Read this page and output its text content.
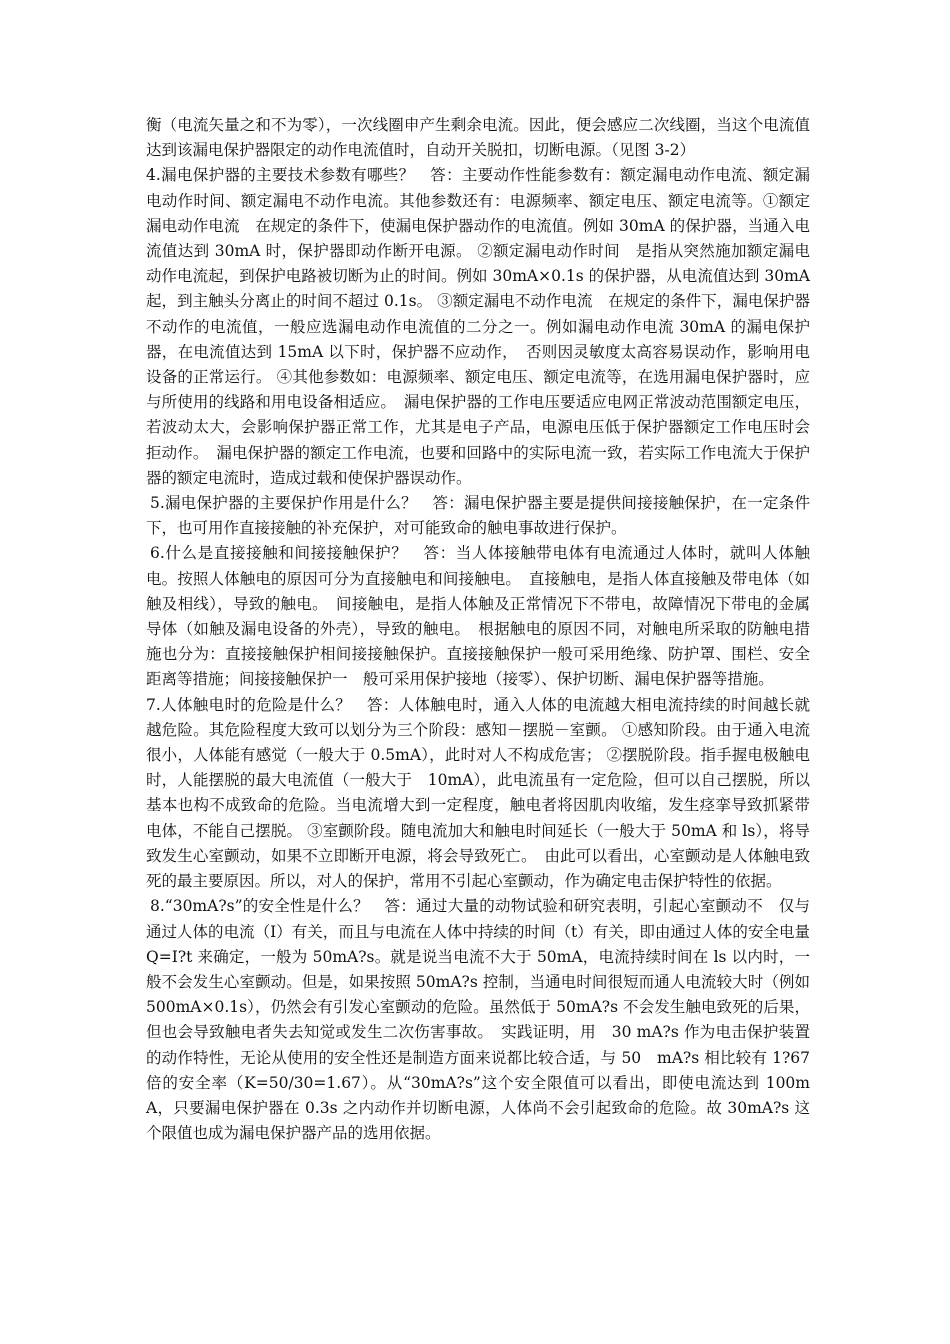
衡（电流矢量之和不为零），一次线圈申产生剩余电流。因此，便会感应二次线圈，当这个电流值达到该漏电保护器限定的动作电流值时，自动开关脱扣，切断电源。（见图 3-2）

4.漏电保护器的主要技术参数有哪些？　答：主要动作性能参数有：额定漏电动作电流、额定漏电动作时间、额定漏电不动作电流。其他参数还有：电源频率、额定电压、额定电流等。①额定漏电动作电流　在规定的条件下，使漏电保护器动作的电流值。例如 30mA 的保护器，当通入电流值达到 30mA 时，保护器即动作断开电源。 ②额定漏电动作时间　是指从突然施加额定漏电动作电流起，到保护电路被切断为止的时间。例如 30mA×0.1s 的保护器，从电流值达到 30mA 起，到主触头分离止的时间不超过 0.1s。 ③额定漏电不动作电流　在规定的条件下，漏电保护器不动作的电流值，一般应选漏电动作电流值的二分之一。例如漏电动作电流 30mA 的漏电保护器，在电流值达到 15mA 以下时，保护器不应动作，　否则因灵敏度太高容易误动作，影响用电设备的正常运行。 ④其他参数如：电源频率、额定电压、额定电流等，在选用漏电保护器时，应与所使用的线路和用电设备相适应。　漏电保护器的工作电压要适应电网正常波动范围额定电压，若波动太大，会影响保护器正常工作，尤其是电子产品，电源电压低于保护器额定工作电压时会拒动作。　漏电保护器的额定工作电流，也要和回路中的实际电流一致，若实际工作电流大于保护器的额定电流时，造成过载和使保护器误动作。

5.漏电保护器的主要保护作用是什么？　答：漏电保护器主要是提供间接接触保护，在一定条件下，也可用作直接接触的补充保护，对可能致命的触电事故进行保护。

6.什么是直接接触和间接接触保护？　答：当人体接触带电体有电流通过人体时，就叫人体触电。按照人体触电的原因可分为直接触电和间接触电。　直接触电，是指人体直接触及带电体（如触及相线），导致的触电。　间接触电，是指人体触及正常情况下不带电，故障情况下带电的金属导体（如触及漏电设备的外壳），导致的触电。　根据触电的原因不同，对触电所采取的防触电措施也分为：直接接触保护相间接接触保护。直接接触保护一般可采用绝缘、防护罩、围栏、安全距离等措施；间接接触保护一　般可采用保护接地（接零）、保护切断、漏电保护器等措施。

7.人体触电时的危险是什么？　答：人体触电时，通入人体的电流越大相电流持续的时间越长就越危险。其危险程度大致可以划分为三个阶段：感知－摆脱－室颤。 ①感知阶段。由于通入电流很小，人体能有感觉（一般大于 0.5mA），此时对人不构成危害； ②摆脱阶段。指手握电极触电时，人能摆脱的最大电流值（一般大于　10mA），此电流虽有一定危险，但可以自己摆脱，所以基本也构不成致命的危险。当电流增大到一定程度，触电者将因肌肉收缩，发生痉挛导致抓紧带电体，不能自己摆脱。 ③室颤阶段。随电流加大和触电时间延长（一般大于 50mA 和 ls），将导致发生心室颤动，如果不立即断开电源，将会导致死亡。　由此可以看出，心室颤动是人体触电致死的最主要原因。所以，对人的保护，常用不引起心室颤动，作为确定电击保护特性的依据。

8.“30mA?s”的安全性是什么？　答：通过大量的动物试验和研究表明，引起心室颤动不　仅与通过人体的电流（I）有关，而且与电流在人体中持续的时间（t）有关，即由通过人体的安全电量 Q=I?t 来确定，一般为 50mA?s。就是说当电流不大于 50mA，电流持续时间在 ls 以内时，一般不会发生心室颤动。但是，如果按照 50mA?s 控制，当通电时间很短而通人电流较大时（例如 500mA×0.1s），仍然会有引发心室颤动的危险。虽然低于 50mA?s 不会发生触电致死的后果，但也会导致触电者失去知觉或发生二次伤害事故。　实践证明，用　30 mA?s 作为电击保护装置的动作特性，无论从使用的安全性还是制造方面来说都比较合适，与 50　mA?s 相比较有 1?67 倍的安全率（K=50/30=1.67）。从“30mA?s”这个安全限值可以看出，即使电流达到 100mA，只要漏电保护器在 0.3s 之内动作并切断电源，人体尚不会引起致命的危险。故 30mA?s 这个限值也成为漏电保护器产品的选用依据。
